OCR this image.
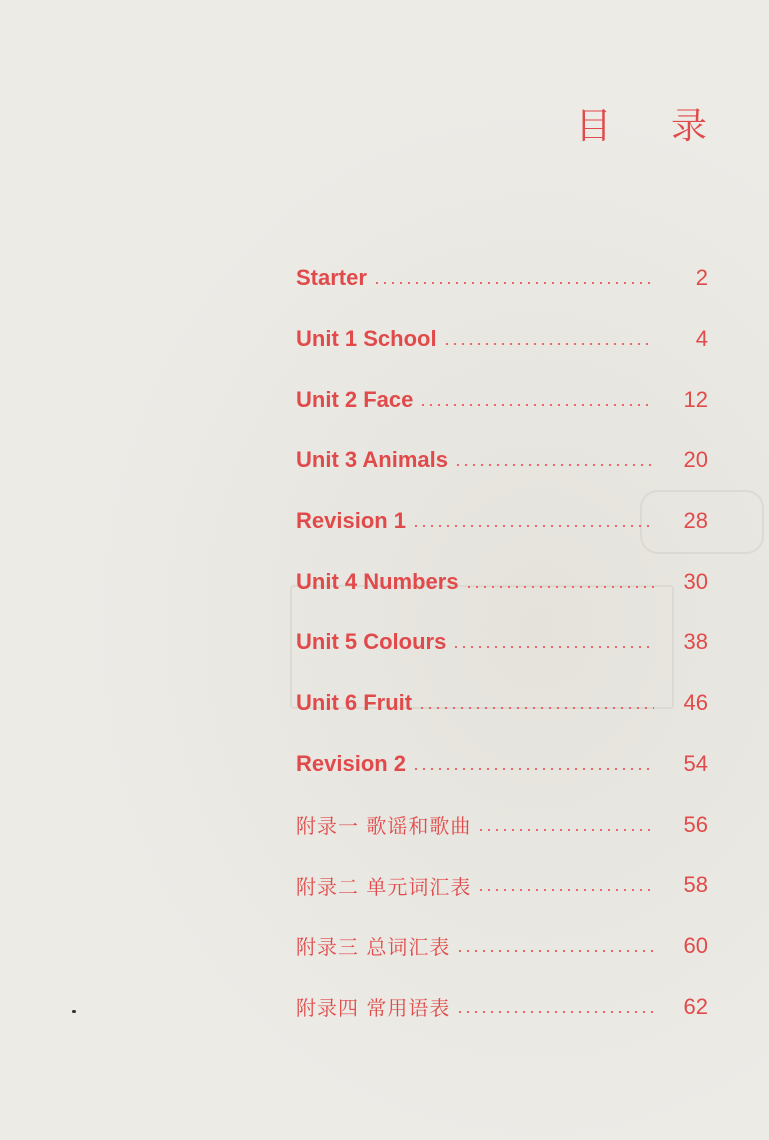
目 录
Starter	2
Unit 1 School	4
Unit 2 Face	12
Unit 3 Animals	20
Revision 1	28
Unit 4 Numbers	30
Unit 5 Colours	38
Unit 6 Fruit	46
Revision 2	54
附录一 歌谣和歌曲	56
附录二 单元词汇表	58
附录三 总词汇表	60
附录四 常用语表	62
